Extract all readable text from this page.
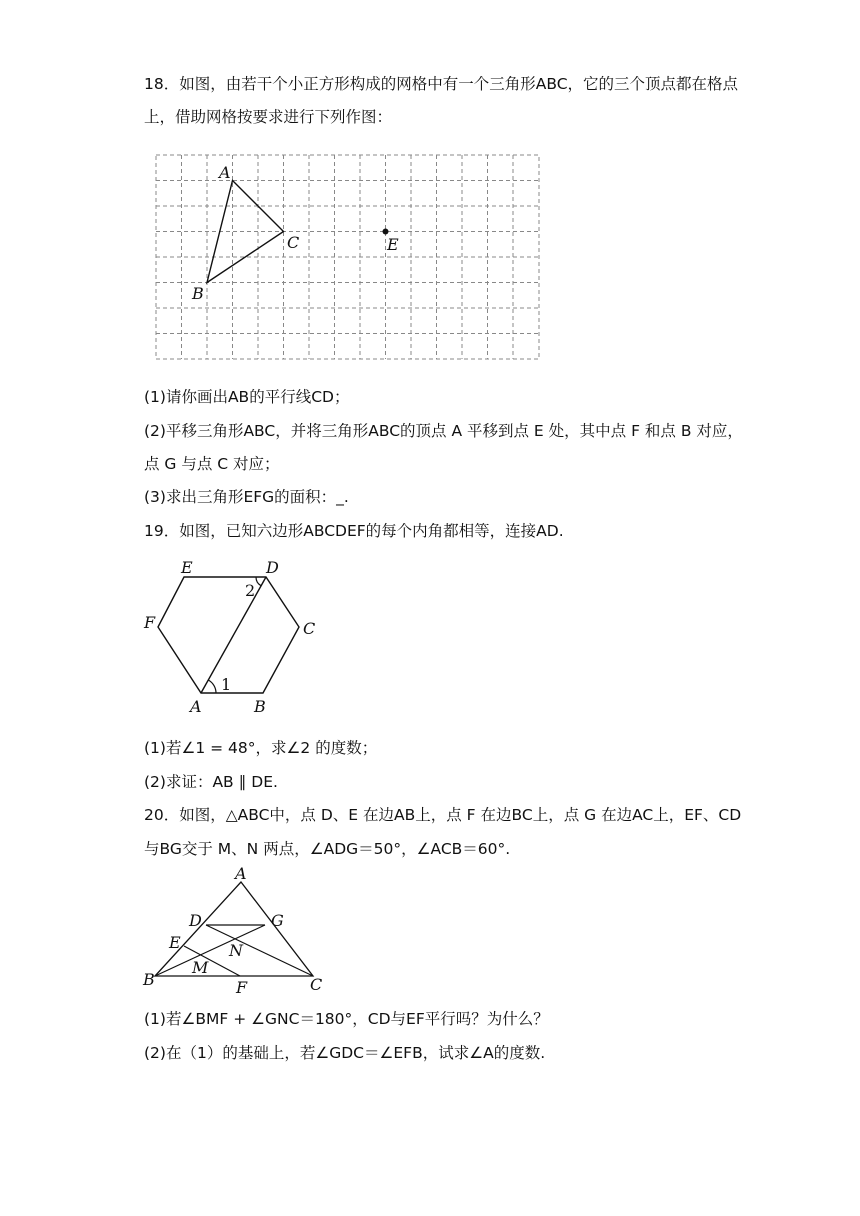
18．如图，由若干个小正方形构成的网格中有一个三角形ABC，它的三个顶点都在格点
上，借助网格按要求进行下列作图：
A
B
C	E
(1)请你画出AB的平行线CD；
(2)平移三角形ABC，并将三角形ABC的顶点 A 平移到点 E 处，其中点 F 和点 B 对应，
点 G 与点 C 对应；
(3)求出三角形EFG的面积：_.
19．如图，已知六边形ABCDEF的每个内角都相等，连接AD.
E	D
F	C
A	B
1
2
(1)若∠1 = 48°，求∠2 的度数；
(2)求证：AB ∥ DE.
20．如图，△ABC中，点 D、E 在边AB上，点 F 在边BC上，点 G 在边AC上，EF、CD
与BG交于 M、N 两点，∠ADG＝50°，∠ACB＝60°.
A
D	G
E	N
M
B	F	C
(1)若∠BMF + ∠GNC＝180°，CD与EF平行吗？为什么？
(2)在（1）的基础上，若∠GDC＝∠EFB，试求∠A的度数.
